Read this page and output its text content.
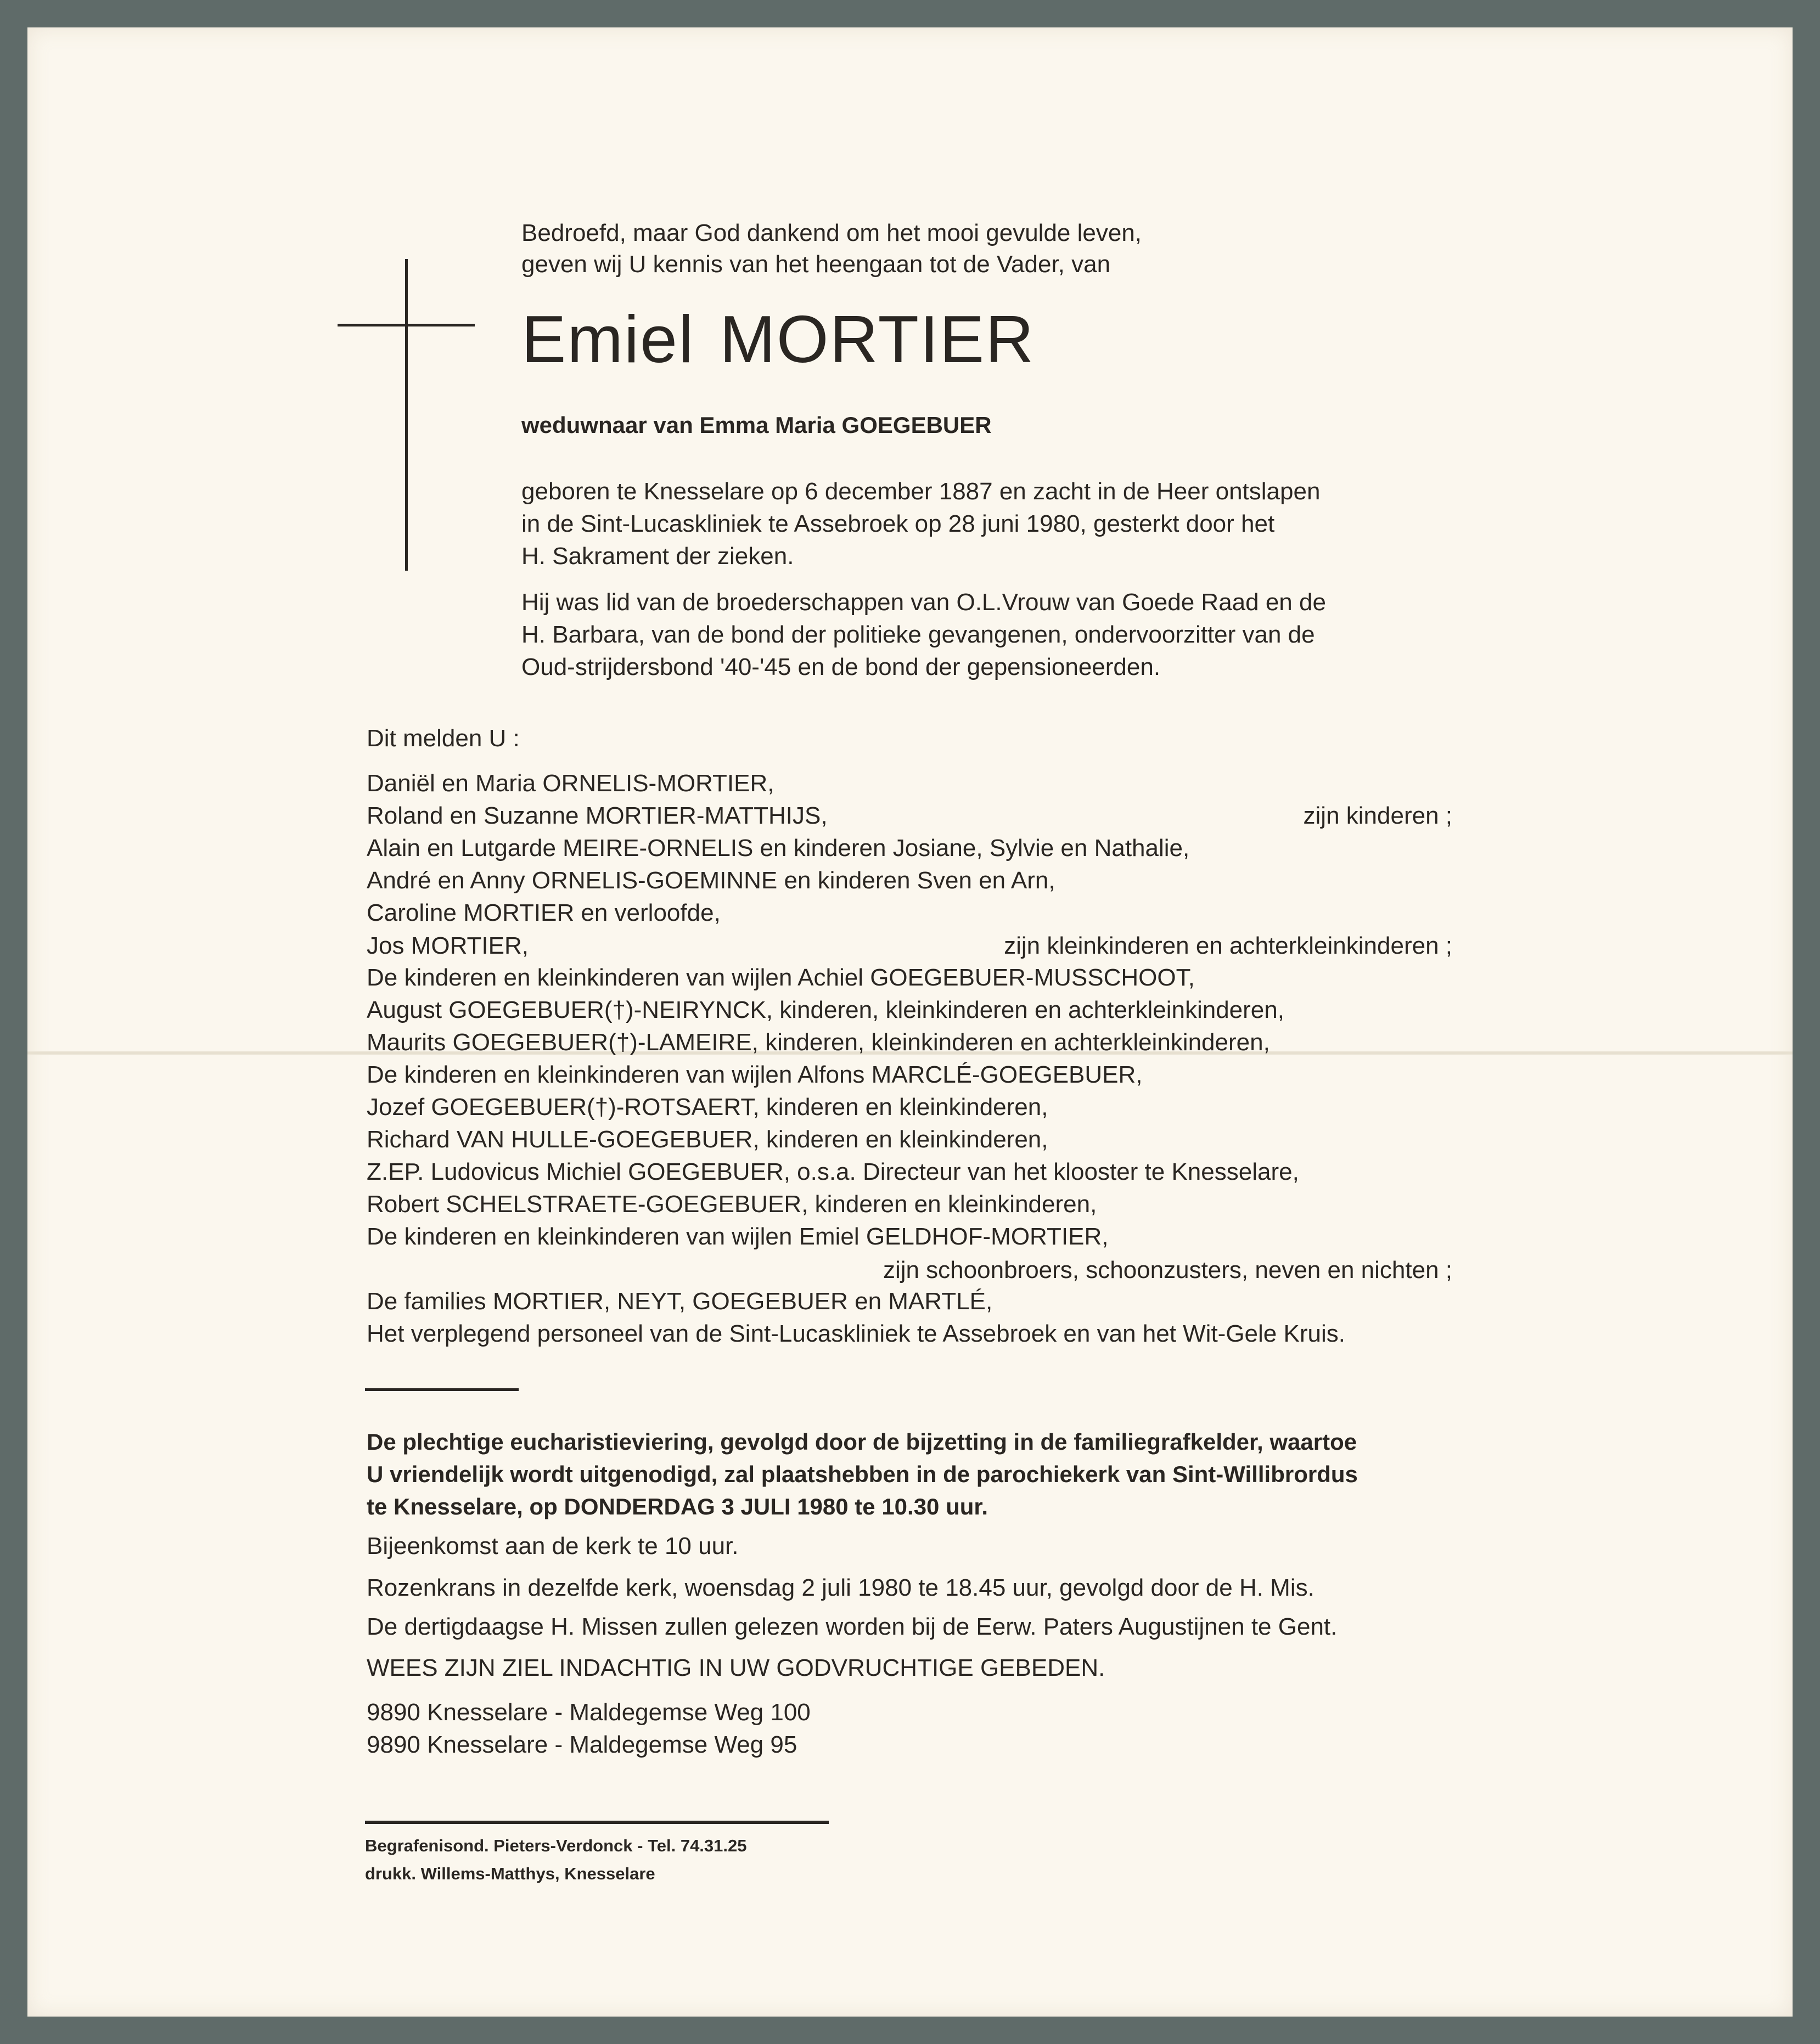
Bedroefd, maar God dankend om het mooi gevulde leven,

geven wij U kennis van het heengaan tot de Vader, van

Emiel MORTIER

weduwnaar van Emma Maria GOEGEBUER

geboren te Knesselare op 6 december 1887 en zacht in de Heer ontslapen

in de Sint-Lucaskliniek te Assebroek op 28 juni 1980, gesterkt door het

H. Sakrament der zieken.

Hij was lid van de broederschappen van O.L.Vrouw van Goede Raad en de

H. Barbara, van de bond der politieke gevangenen, ondervoorzitter van de

Oud-strijdersbond '40-'45 en de bond der gepensioneerden.

Dit melden U :

Daniël en Maria ORNELIS-MORTIER,

Roland en Suzanne MORTIER-MATTHIJS,	zijn kinderen ;

Alain en Lutgarde MEIRE-ORNELIS en kinderen Josiane, Sylvie en Nathalie,

André en Anny ORNELIS-GOEMINNE en kinderen Sven en Arn,

Caroline MORTIER en verloofde,

Jos MORTIER,	zijn kleinkinderen en achterkleinkinderen ;

De kinderen en kleinkinderen van wijlen Achiel GOEGEBUER-MUSSCHOOT,

August GOEGEBUER(†)-NEIRYNCK, kinderen, kleinkinderen en achterkleinkinderen,

Maurits GOEGEBUER(†)-LAMEIRE, kinderen, kleinkinderen en achterkleinkinderen,

De kinderen en kleinkinderen van wijlen Alfons MARCLÉ-GOEGEBUER,

Jozef GOEGEBUER(†)-ROTSAERT, kinderen en kleinkinderen,

Richard VAN HULLE-GOEGEBUER, kinderen en kleinkinderen,

Z.EP. Ludovicus Michiel GOEGEBUER, o.s.a. Directeur van het klooster te Knesselare,

Robert SCHELSTRAETE-GOEGEBUER, kinderen en kleinkinderen,

De kinderen en kleinkinderen van wijlen Emiel GELDHOF-MORTIER,

zijn schoonbroers, schoonzusters, neven en nichten ;

De families MORTIER, NEYT, GOEGEBUER en MARTLÉ,

Het verplegend personeel van de Sint-Lucaskliniek te Assebroek en van het Wit-Gele Kruis.

De plechtige eucharistieviering, gevolgd door de bijzetting in de familiegrafkelder, waartoe

U vriendelijk wordt uitgenodigd, zal plaatshebben in de parochiekerk van Sint-Willibrordus

te Knesselare, op DONDERDAG 3 JULI 1980 te 10.30 uur.

Bijeenkomst aan de kerk te 10 uur.

Rozenkrans in dezelfde kerk, woensdag 2 juli 1980 te 18.45 uur, gevolgd door de H. Mis.

De dertigdaagse H. Missen zullen gelezen worden bij de Eerw. Paters Augustijnen te Gent.

WEES ZIJN ZIEL INDACHTIG IN UW GODVRUCHTIGE GEBEDEN.

9890 Knesselare - Maldegemse Weg 100

9890 Knesselare - Maldegemse Weg 95

Begrafenisond. Pieters-Verdonck - Tel. 74.31.25

drukk. Willems-Matthys, Knesselare
